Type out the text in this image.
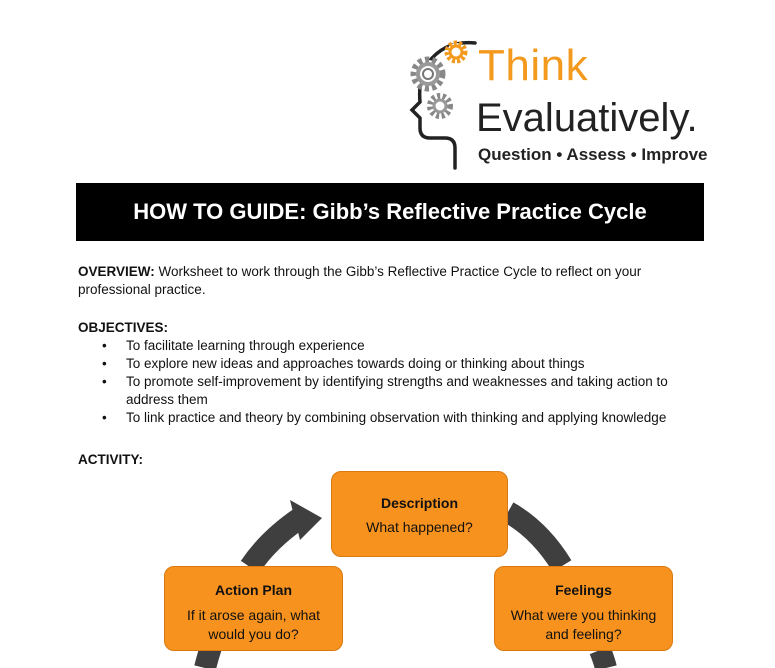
Think
Evaluatively.
Question • Assess • Improve
HOW TO GUIDE: Gibb’s Reflective Practice Cycle
OVERVIEW: Worksheet to work through the Gibb’s Reflective Practice Cycle to reflect on your professional practice.
OBJECTIVES:
• To facilitate learning through experience
• To explore new ideas and approaches towards doing or thinking about things
• To promote self-improvement by identifying strengths and weaknesses and taking action to address them
• To link practice and theory by combining observation with thinking and applying knowledge
ACTIVITY:
Description
What happened?
Action Plan
If it arose again, what would you do?
Feelings
What were you thinking and feeling?
